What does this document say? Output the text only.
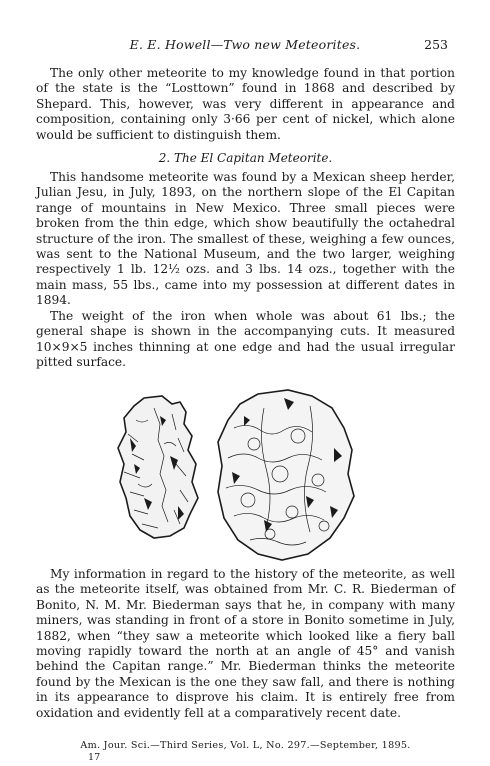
E. E. Howell—Two new Meteorites.	253

The only other meteorite to my knowledge found in that portion of the state is the “Losttown” found in 1868 and described by Shepard. This, however, was very different in appearance and composition, containing only 3·66 per cent of nickel, which alone would be sufficient to distinguish them.

2. The El Capitan Meteorite.

This handsome meteorite was found by a Mexican sheep herder, Julian Jesu, in July, 1893, on the northern slope of the El Capitan range of mountains in New Mexico. Three small pieces were broken from the thin edge, which show beautifully the octahedral structure of the iron. The smallest of these, weighing a few ounces, was sent to the National Museum, and the two larger, weighing respectively 1 lb. 12½ ozs. and 3 lbs. 14 ozs., together with the main mass, 55 lbs., came into my possession at different dates in 1894.

The weight of the iron when whole was about 61 lbs.; the general shape is shown in the accompanying cuts. It measured 10×9×5 inches thinning at one edge and had the usual irregular pitted surface.

My information in regard to the history of the meteorite, as well as the meteorite itself, was obtained from Mr. C. R. Biederman of Bonito, N. M. Mr. Biederman says that he, in company with many miners, was standing in front of a store in Bonito sometime in July, 1882, when “they saw a meteorite which looked like a fiery ball moving rapidly toward the north at an angle of 45° and vanish behind the Capitan range.” Mr. Biederman thinks the meteorite found by the Mexican is the one they saw fall, and there is nothing in its appearance to disprove his claim. It is entirely free from oxidation and evidently fell at a comparatively recent date.

Am. Jour. Sci.—Third Series, Vol. L, No. 297.—September, 1895.
17
